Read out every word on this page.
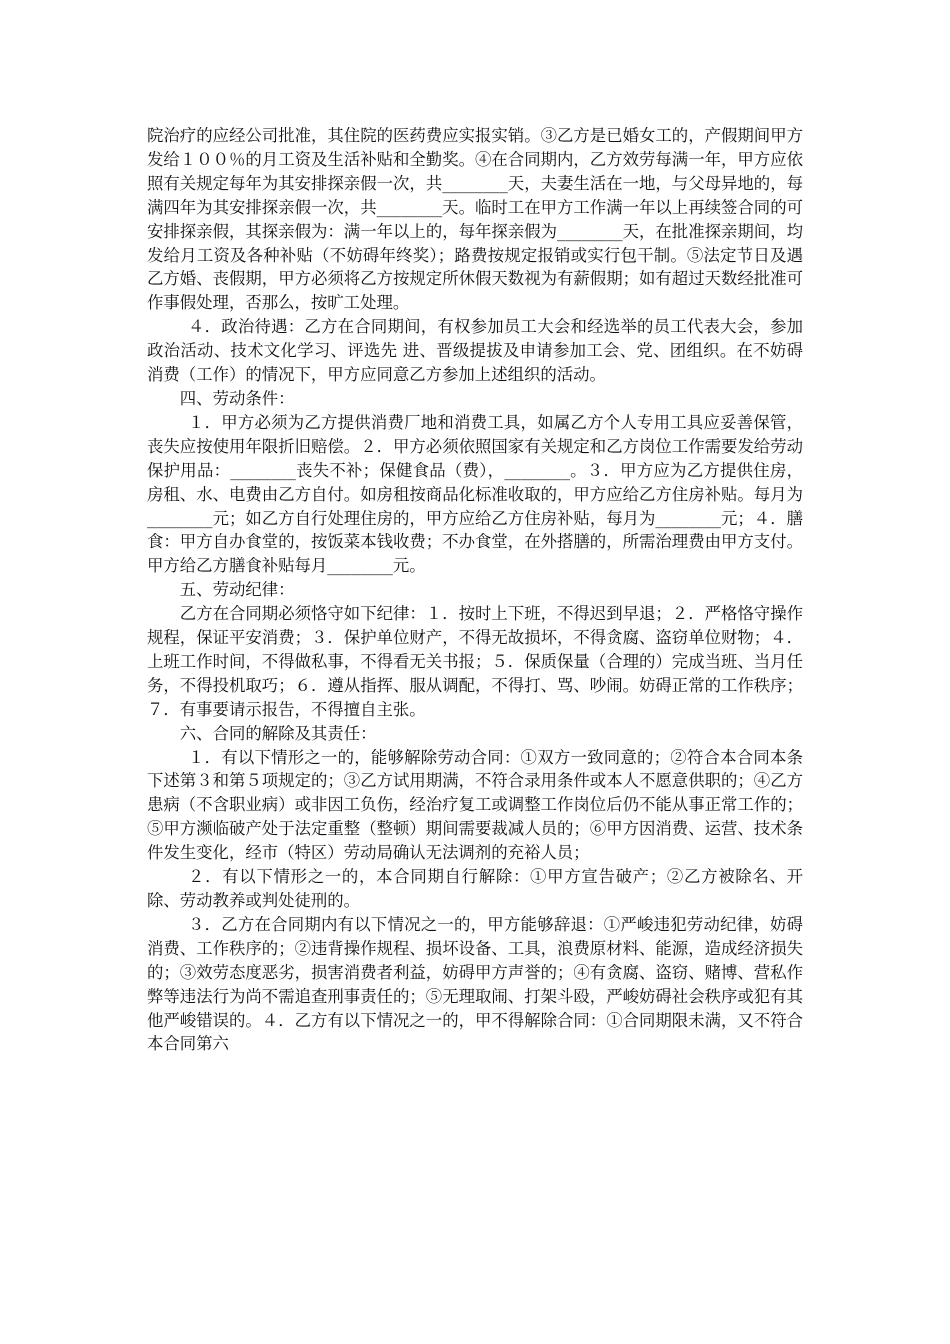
院治疗的应经公司批准，其住院的医药费应实报实销。③乙方是已婚女工的，产假期间甲方发给１００％的月工资及生活补贴和全勤奖。④在合同期内，乙方效劳每满一年，甲方应依照有关规定每年为其安排探亲假一次，共________天，夫妻生活在一地，与父母异地的，每满四年为其安排探亲假一次，共________天。临时工在甲方工作满一年以上再续签合同的可安排探亲假，其探亲假为：满一年以上的，每年探亲假为________天，在批准探亲期间，均发给月工资及各种补贴（不妨碍年终奖）；路费按规定报销或实行包干制。⑤法定节日及遇乙方婚、丧假期，甲方必须将乙方按规定所休假天数视为有薪假期；如有超过天数经批准可作事假处理，否那么，按旷工处理。

４．政治待遇：乙方在合同期间，有权参加员工大会和经选举的员工代表大会，参加政治活动、技术文化学习、评选先 进、晋级提拔及申请参加工会、党、团组织。在不妨碍消费（工作）的情况下，甲方应同意乙方参加上述组织的活动。

四、劳动条件：

１．甲方必须为乙方提供消费厂地和消费工具，如属乙方个人专用工具应妥善保管，丧失应按使用年限折旧赔偿。２．甲方必须依照国家有关规定和乙方岗位工作需要发给劳动保护用品：________丧失不补；保健食品（费），________。３．甲方应为乙方提供住房，房租、水、电费由乙方自付。如房租按商品化标准收取的，甲方应给乙方住房补贴。每月为________元；如乙方自行处理住房的，甲方应给乙方住房补贴，每月为________元；４．膳食：甲方自办食堂的，按饭菜本钱收费；不办食堂，在外搭膳的，所需治理费由甲方支付。甲方给乙方膳食补贴每月________元。

五、劳动纪律：

乙方在合同期必须恪守如下纪律：１．按时上下班，不得迟到早退；２．严格恪守操作规程，保证平安消费；３．保护单位财产，不得无故损坏，不得贪腐、盗窃单位财物；４．上班工作时间，不得做私事，不得看无关书报；５．保质保量（合理的）完成当班、当月任务，不得投机取巧；６．遵从指挥、服从调配，不得打、骂、吵闹。妨碍正常的工作秩序；７．有事要请示报告，不得擅自主张。

六、合同的解除及其责任：

１．有以下情形之一的，能够解除劳动合同：①双方一致同意的；②符合本合同本条下述第３和第５项规定的；③乙方试用期满，不符合录用条件或本人不愿意供职的；④乙方患病（不含职业病）或非因工负伤，经治疗复工或调整工作岗位后仍不能从事正常工作的；⑤甲方濒临破产处于法定重整（整顿）期间需要裁减人员的；⑥甲方因消费、运营、技术条件发生变化，经市（特区）劳动局确认无法调剂的充裕人员；

２．有以下情形之一的，本合同期自行解除：①甲方宣告破产；②乙方被除名、开除、劳动教养或判处徒刑的。

３．乙方在合同期内有以下情况之一的，甲方能够辞退：①严峻违犯劳动纪律，妨碍消费、工作秩序的；②违背操作规程、损坏设备、工具，浪费原材料、能源，造成经济损失的；③效劳态度恶劣，损害消费者利益，妨碍甲方声誉的；④有贪腐、盗窃、赌博、营私作弊等违法行为尚不需追查刑事责任的；⑤无理取闹、打架斗殴，严峻妨碍社会秩序或犯有其他严峻错误的。４．乙方有以下情况之一的，甲不得解除合同：①合同期限未满，又不符合本合同第六
